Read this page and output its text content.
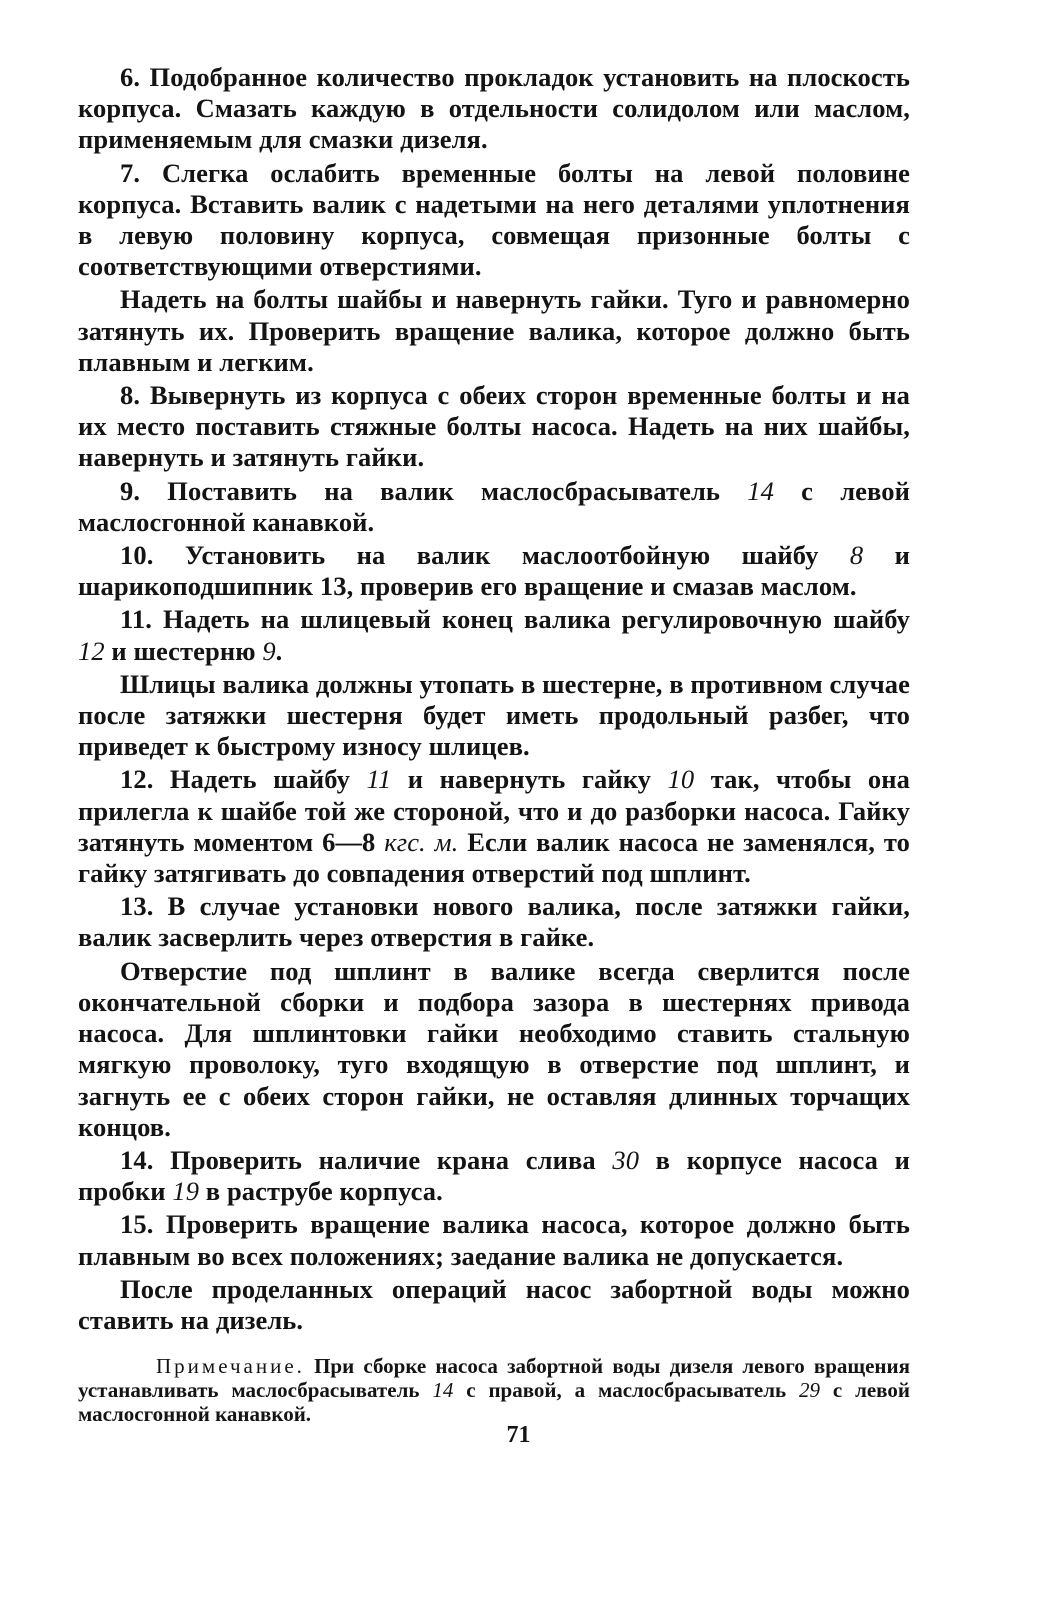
6. Подобранное количество прокладок установить на плоскость корпуса. Смазать каждую в отдельности солидолом или маслом, применяемым для смазки дизеля.

7. Слегка ослабить временные болты на левой половине корпуса. Вставить валик с надетыми на него деталями уплотнения в левую половину корпуса, совмещая призонные болты с соответствующими отверстиями.

Надеть на болты шайбы и навернуть гайки. Туго и равномерно затянуть их. Проверить вращение валика, которое должно быть плавным и легким.

8. Вывернуть из корпуса с обеих сторон временные болты и на их место поставить стяжные болты насоса. Надеть на них шайбы, навернуть и затянуть гайки.

9. Поставить на валик маслосбрасыватель 14 с левой маслосгонной канавкой.

10. Установить на валик маслоотбойную шайбу 8 и шарикоподшипник 13, проверив его вращение и смазав маслом.

11. Надеть на шлицевый конец валика регулировочную шайбу 12 и шестерню 9.

Шлицы валика должны утопать в шестерне, в противном случае после затяжки шестерня будет иметь продольный разбег, что приведет к быстрому износу шлицев.

12. Надеть шайбу 11 и навернуть гайку 10 так, чтобы она прилегла к шайбе той же стороной, что и до разборки насоса. Гайку затянуть моментом 6—8 кгс. м. Если валик насоса не заменялся, то гайку затягивать до совпадения отверстий под шплинт.

13. В случае установки нового валика, после затяжки гайки, валик засверлить через отверстия в гайке.

Отверстие под шплинт в валике всегда сверлится после окончательной сборки и подбора зазора в шестернях привода насоса. Для шплинтовки гайки необходимо ставить стальную мягкую проволоку, туго входящую в отверстие под шплинт, и загнуть ее с обеих сторон гайки, не оставляя длинных торчащих концов.

14. Проверить наличие крана слива 30 в корпусе насоса и пробки 19 в раструбе корпуса.

15. Проверить вращение валика насоса, которое должно быть плавным во всех положениях; заедание валика не допускается.

После проделанных операций насос забортной воды можно ставить на дизель.

Примечание. При сборке насоса забортной воды дизеля левого вращения устанавливать маслосбрасыватель 14 с правой, а маслосбрасыватель 29 с левой маслосгонной канавкой.
71
